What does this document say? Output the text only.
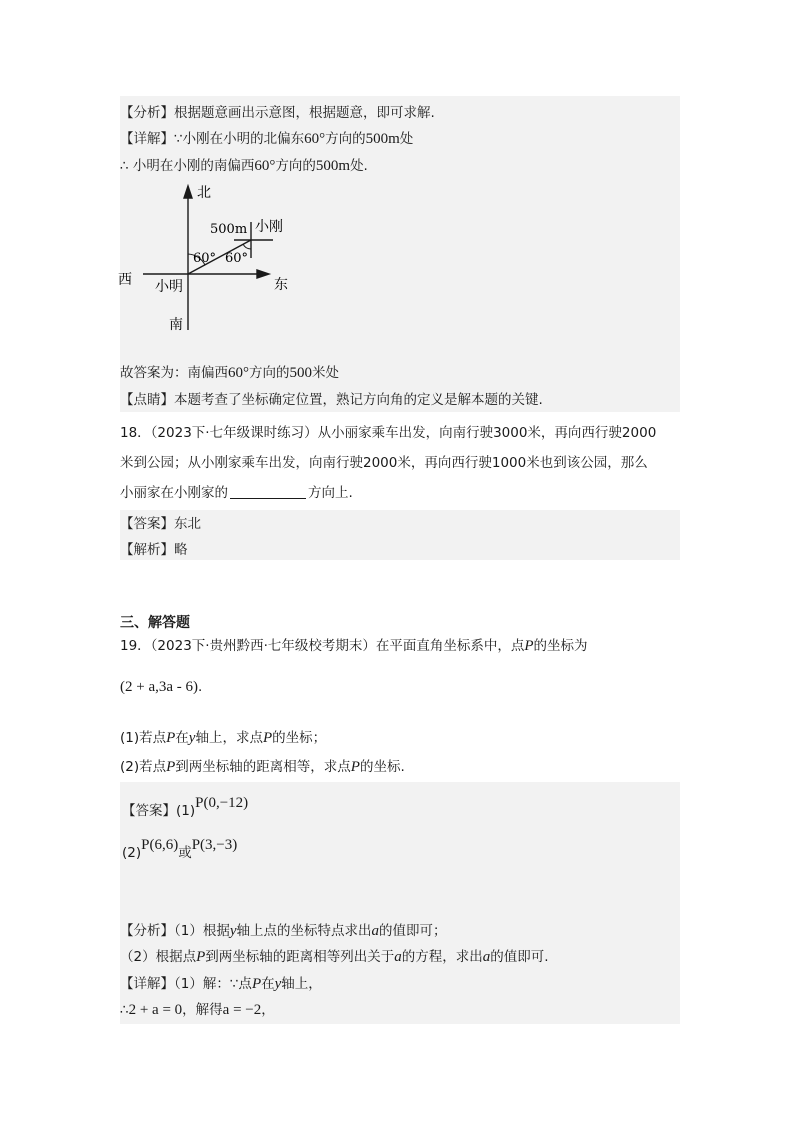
【分析】根据题意画出示意图，根据题意，即可求解.
【详解】∵小刚在小明的北偏东60°方向的500m处
∴ 小明在小刚的南偏西60°方向的500m处.
北
500m 小刚
60° 60°
西 小明	东
南
故答案为：南偏西60°方向的500米处
【点睛】本题考查了坐标确定位置，熟记方向角的定义是解本题的关键.
18．（2023下·七年级课时练习）从小丽家乘车出发，向南行驶3000米，再向西行驶2000
米到公园；从小刚家乘车出发，向南行驶2000米，再向西行驶1000米也到该公园，那么
小丽家在小刚家的	方向上.
【答案】东北
【解析】略
三、解答题
19．（2023下·贵州黔西·七年级校考期末）在平面直角坐标系中，点P的坐标为
(2 + a,3a - 6).
(1)若点P在y轴上，求点P的坐标；
(2)若点P到两坐标轴的距离相等，求点P的坐标.
【答案】(1)P(0,−12)
(2)P(6,6)或P(3,−3)
【分析】（1）根据y轴上点的坐标特点求出a的值即可；
（2）根据点P到两坐标轴的距离相等列出关于a的方程，求出a的值即可.
【详解】（1）解：∵点P在y轴上，
∴2 + a = 0，解得a = −2，
